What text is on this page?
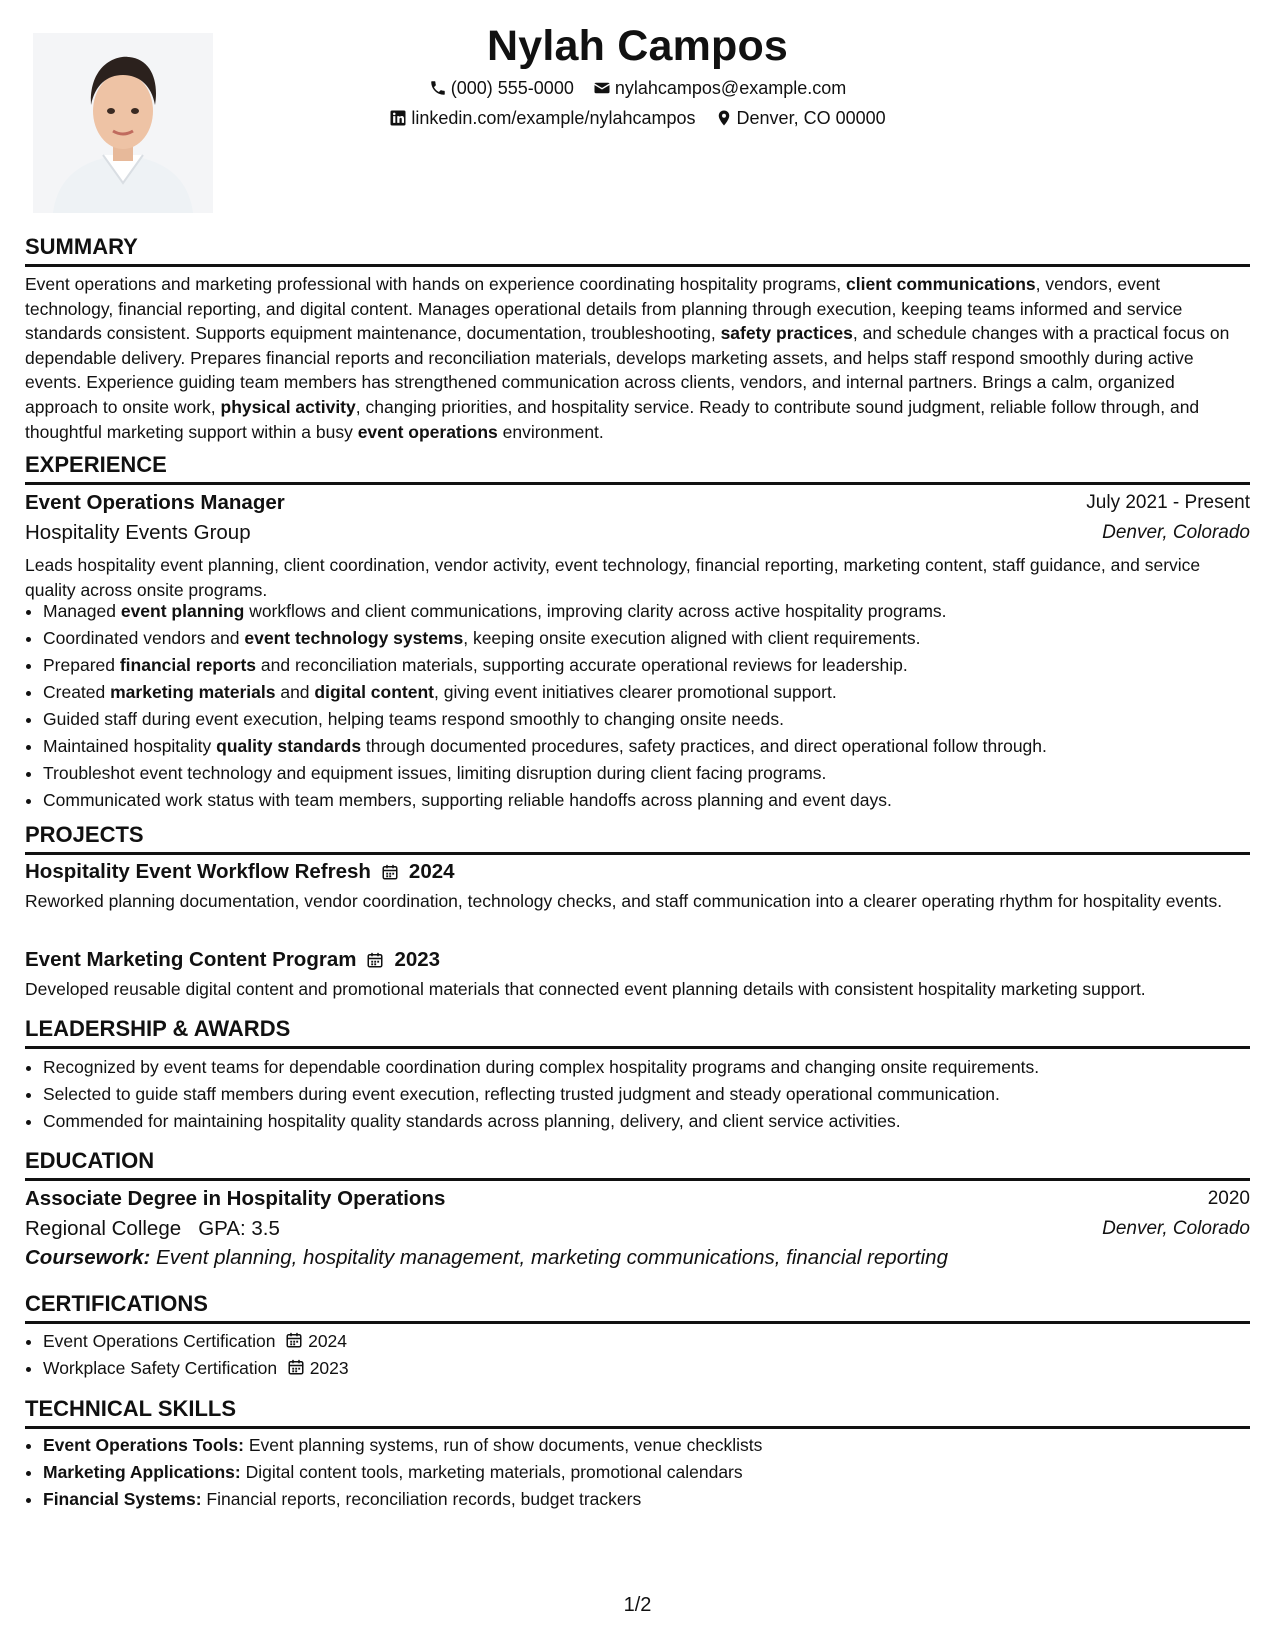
Nylah Campos
(000) 555-0000
nylahcampos@example.com
linkedin.com/example/nylahcampos
Denver, CO 00000
SUMMARY
Event operations and marketing professional with hands on experience coordinating hospitality programs, client communications, vendors, event technology, financial reporting, and digital content. Manages operational details from planning through execution, keeping teams informed and service standards consistent. Supports equipment maintenance, documentation, troubleshooting, safety practices, and schedule changes with a practical focus on dependable delivery. Prepares financial reports and reconciliation materials, develops marketing assets, and helps staff respond smoothly during active events. Experience guiding team members has strengthened communication across clients, vendors, and internal partners. Brings a calm, organized approach to onsite work, physical activity, changing priorities, and hospitality service. Ready to contribute sound judgment, reliable follow through, and thoughtful marketing support within a busy event operations environment.
EXPERIENCE
Event Operations Manager	July 2021 - Present
Hospitality Events Group	Denver, Colorado
Leads hospitality event planning, client coordination, vendor activity, event technology, financial reporting, marketing content, staff guidance, and service quality across onsite programs.
• Managed event planning workflows and client communications, improving clarity across active hospitality programs.
• Coordinated vendors and event technology systems, keeping onsite execution aligned with client requirements.
• Prepared financial reports and reconciliation materials, supporting accurate operational reviews for leadership.
• Created marketing materials and digital content, giving event initiatives clearer promotional support.
• Guided staff during event execution, helping teams respond smoothly to changing onsite needs.
• Maintained hospitality quality standards through documented procedures, safety practices, and direct operational follow through.
• Troubleshot event technology and equipment issues, limiting disruption during client facing programs.
• Communicated work status with team members, supporting reliable handoffs across planning and event days.
PROJECTS
Hospitality Event Workflow Refresh 2024
Reworked planning documentation, vendor coordination, technology checks, and staff communication into a clearer operating rhythm for hospitality events.
Event Marketing Content Program 2023
Developed reusable digital content and promotional materials that connected event planning details with consistent hospitality marketing support.
LEADERSHIP & AWARDS
• Recognized by event teams for dependable coordination during complex hospitality programs and changing onsite requirements.
• Selected to guide staff members during event execution, reflecting trusted judgment and steady operational communication.
• Commended for maintaining hospitality quality standards across planning, delivery, and client service activities.
EDUCATION
Associate Degree in Hospitality Operations	2020
Regional College GPA: 3.5	Denver, Colorado
Coursework: Event planning, hospitality management, marketing communications, financial reporting
CERTIFICATIONS
• Event Operations Certification 2024
• Workplace Safety Certification 2023
TECHNICAL SKILLS
• Event Operations Tools: Event planning systems, run of show documents, venue checklists
• Marketing Applications: Digital content tools, marketing materials, promotional calendars
• Financial Systems: Financial reports, reconciliation records, budget trackers
1/2
